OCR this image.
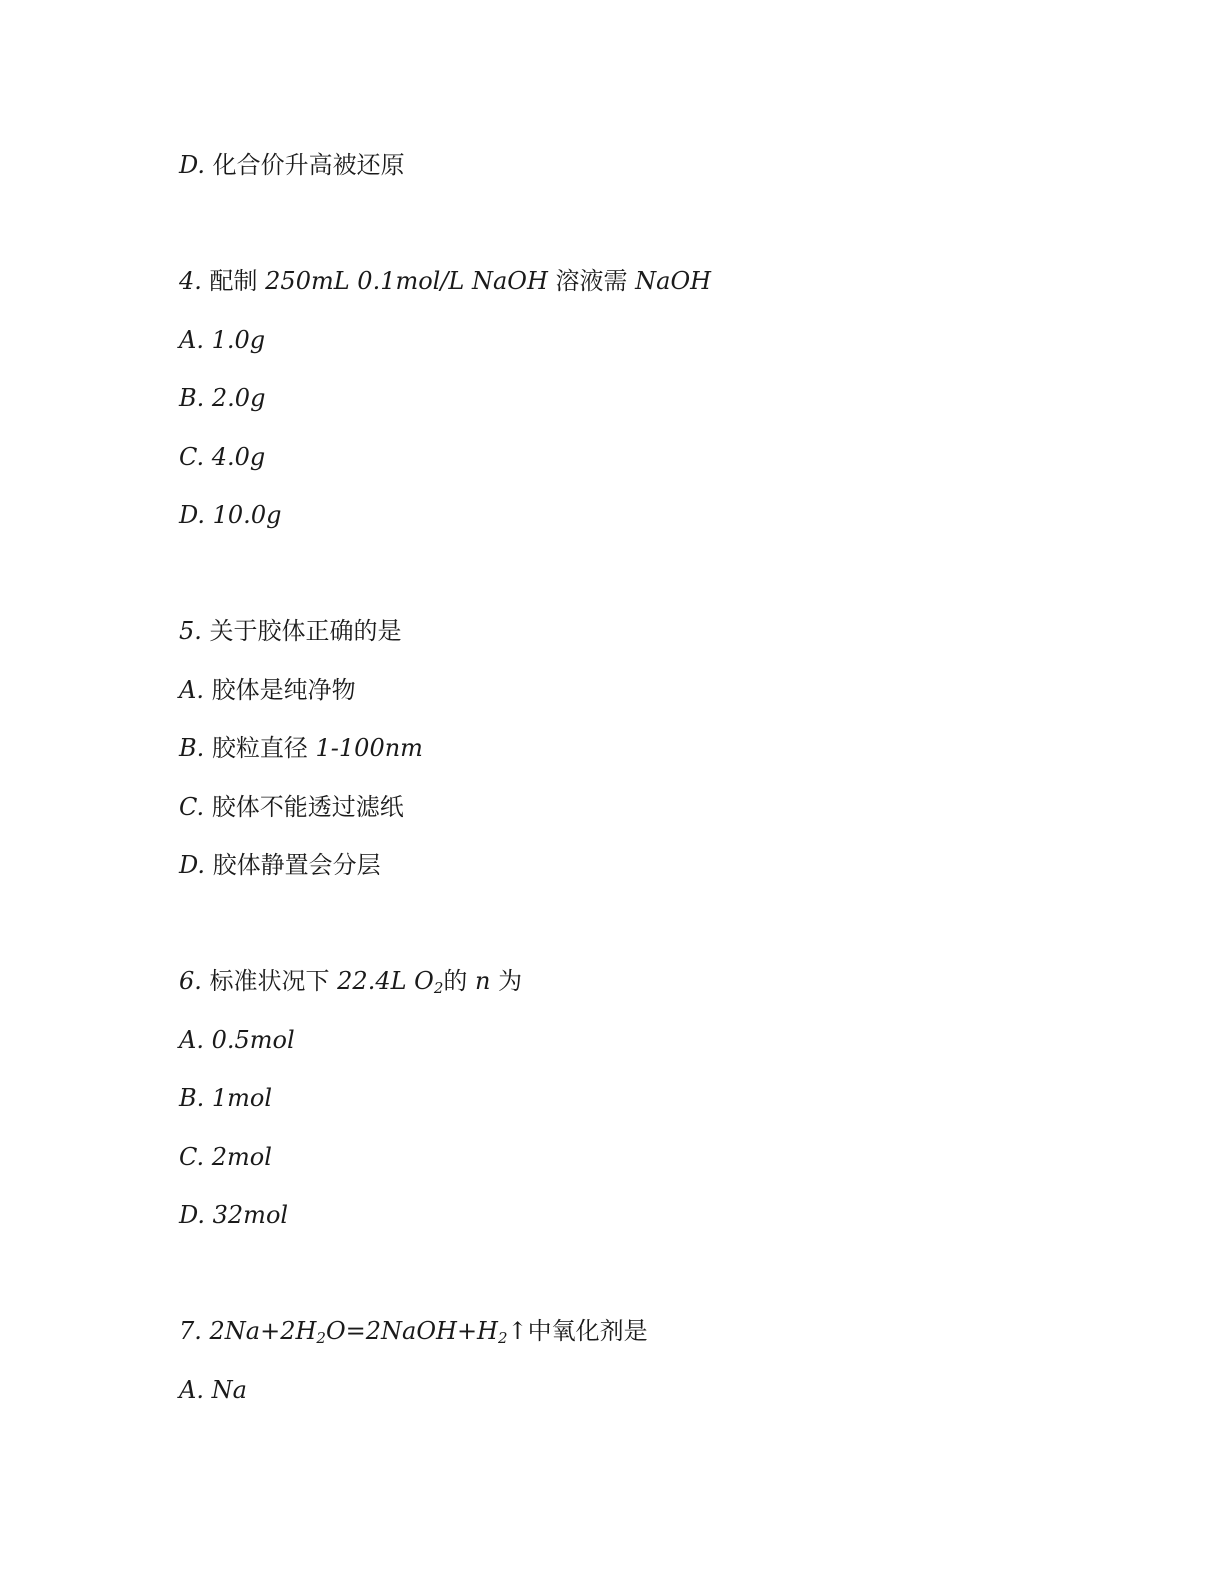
D. 化合价升高被还原
4. 配制 250mL 0.1mol/L NaOH 溶液需 NaOH
A. 1.0g
B. 2.0g
C. 4.0g
D. 10.0g
5. 关于胶体正确的是
A. 胶体是纯净物
B. 胶粒直径 1-100nm
C. 胶体不能透过滤纸
D. 胶体静置会分层
6. 标准状况下 22.4L $O_2$的 n 为
A. 0.5mol
B. 1mol
C. 2mol
D. 32mol
7. $2Na+2H_2O=2NaOH+H_2↑$中氧化剂是
A. Na
